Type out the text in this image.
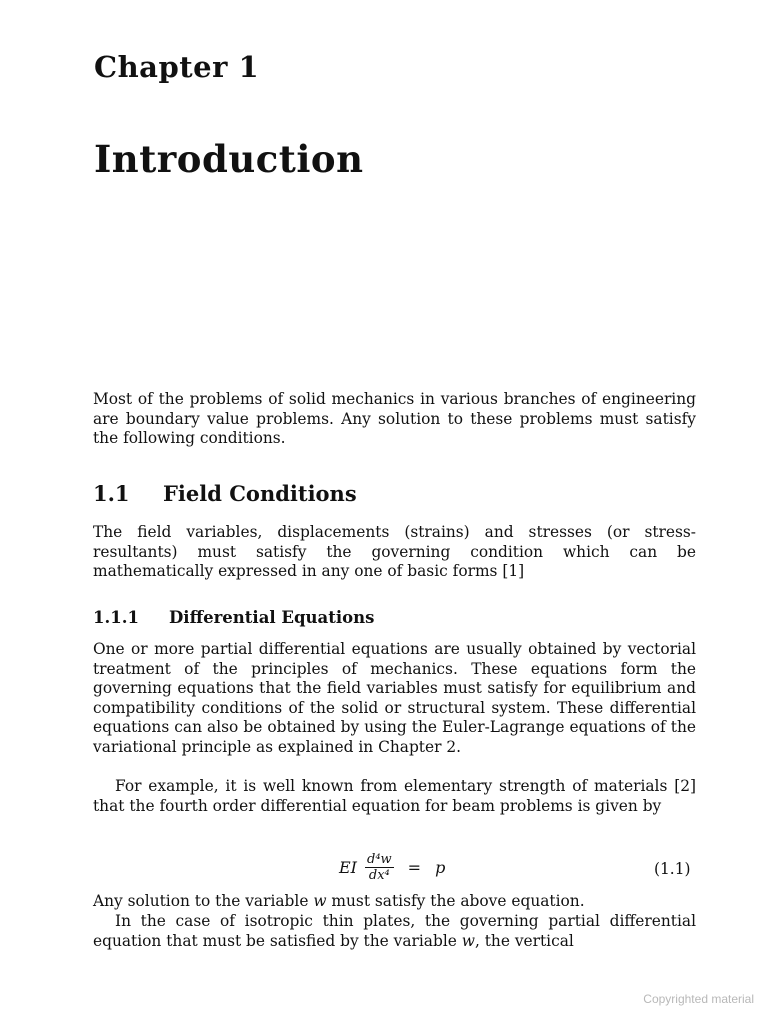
Chapter 1
Introduction

Most of the problems of solid mechanics in various branches of engineering are boundary value problems. Any solution to these problems must satisfy the following conditions.

1.1 Field Conditions

The field variables, displacements (strains) and stresses (or stress-resultants) must satisfy the governing condition which can be mathematically expressed in any one of basic forms [1]

1.1.1 Differential Equations

One or more partial differential equations are usually obtained by vectorial treatment of the principles of mechanics. These equations form the governing equations that the field variables must satisfy for equilibrium and compatibility conditions of the solid or structural system. These differential equations can also be obtained by using the Euler-Lagrange equations of the variational principle as explained in Chapter 2.

For example, it is well known from elementary strength of materials [2] that the fourth order differential equation for beam problems is given by

EI $\frac{\text{d⁴w}}{\text{dx⁴}} = p$	(1.1)

Any solution to the variable w must satisfy the above equation.

In the case of isotropic thin plates, the governing partial differential equation that must be satisfied by the variable w, the vertical

Copyrighted material
